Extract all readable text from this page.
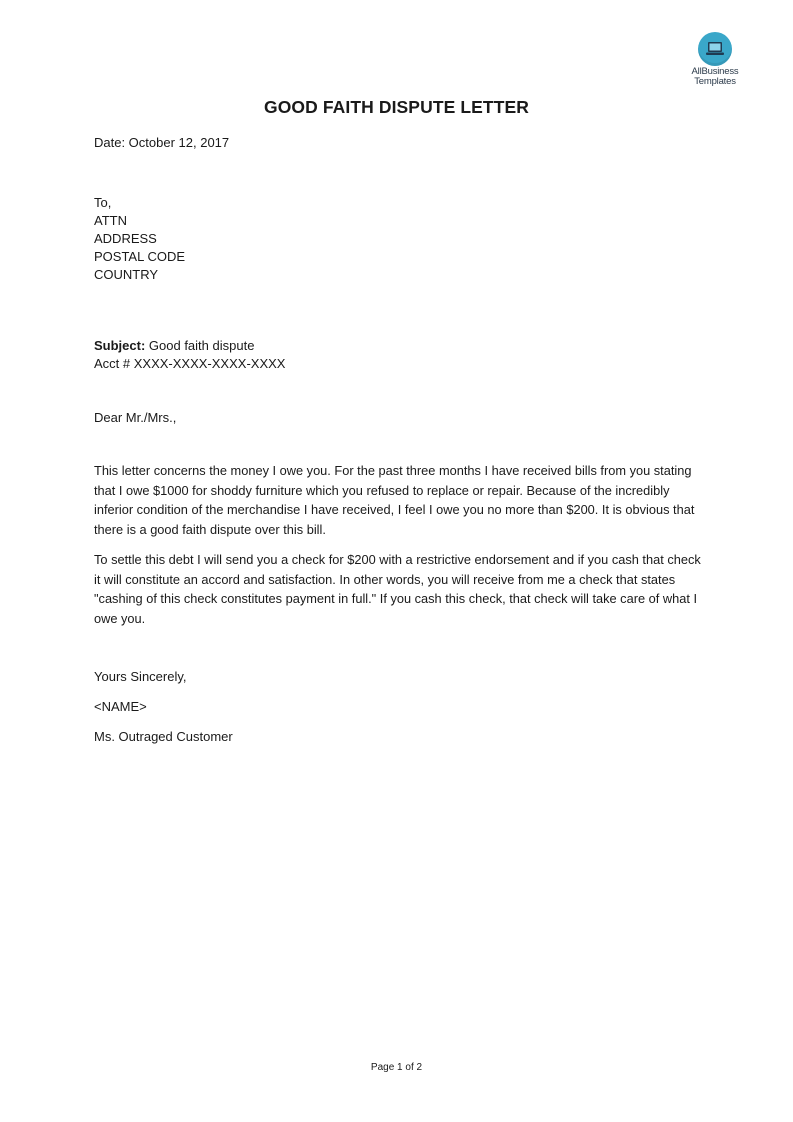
AllBusiness
Templates
GOOD FAITH DISPUTE LETTER
Date: October 12, 2017
To,
ATTN
ADDRESS
POSTAL CODE
COUNTRY
Subject: Good faith dispute
Acct # XXXX-XXXX-XXXX-XXXX
Dear Mr./Mrs.,
This letter concerns the money I owe you. For the past three months I have received bills from you stating that I owe $1000 for shoddy furniture which you refused to replace or repair. Because of the incredibly inferior condition of the merchandise I have received, I feel I owe you no more than $200. It is obvious that there is a good faith dispute over this bill.
To settle this debt I will send you a check for $200 with a restrictive endorsement and if you cash that check it will constitute an accord and satisfaction. In other words, you will receive from me a check that states "cashing of this check constitutes payment in full." If you cash this check, that check will take care of what I owe you.
Yours Sincerely,
<NAME>
Ms. Outraged Customer
Page 1 of 2
